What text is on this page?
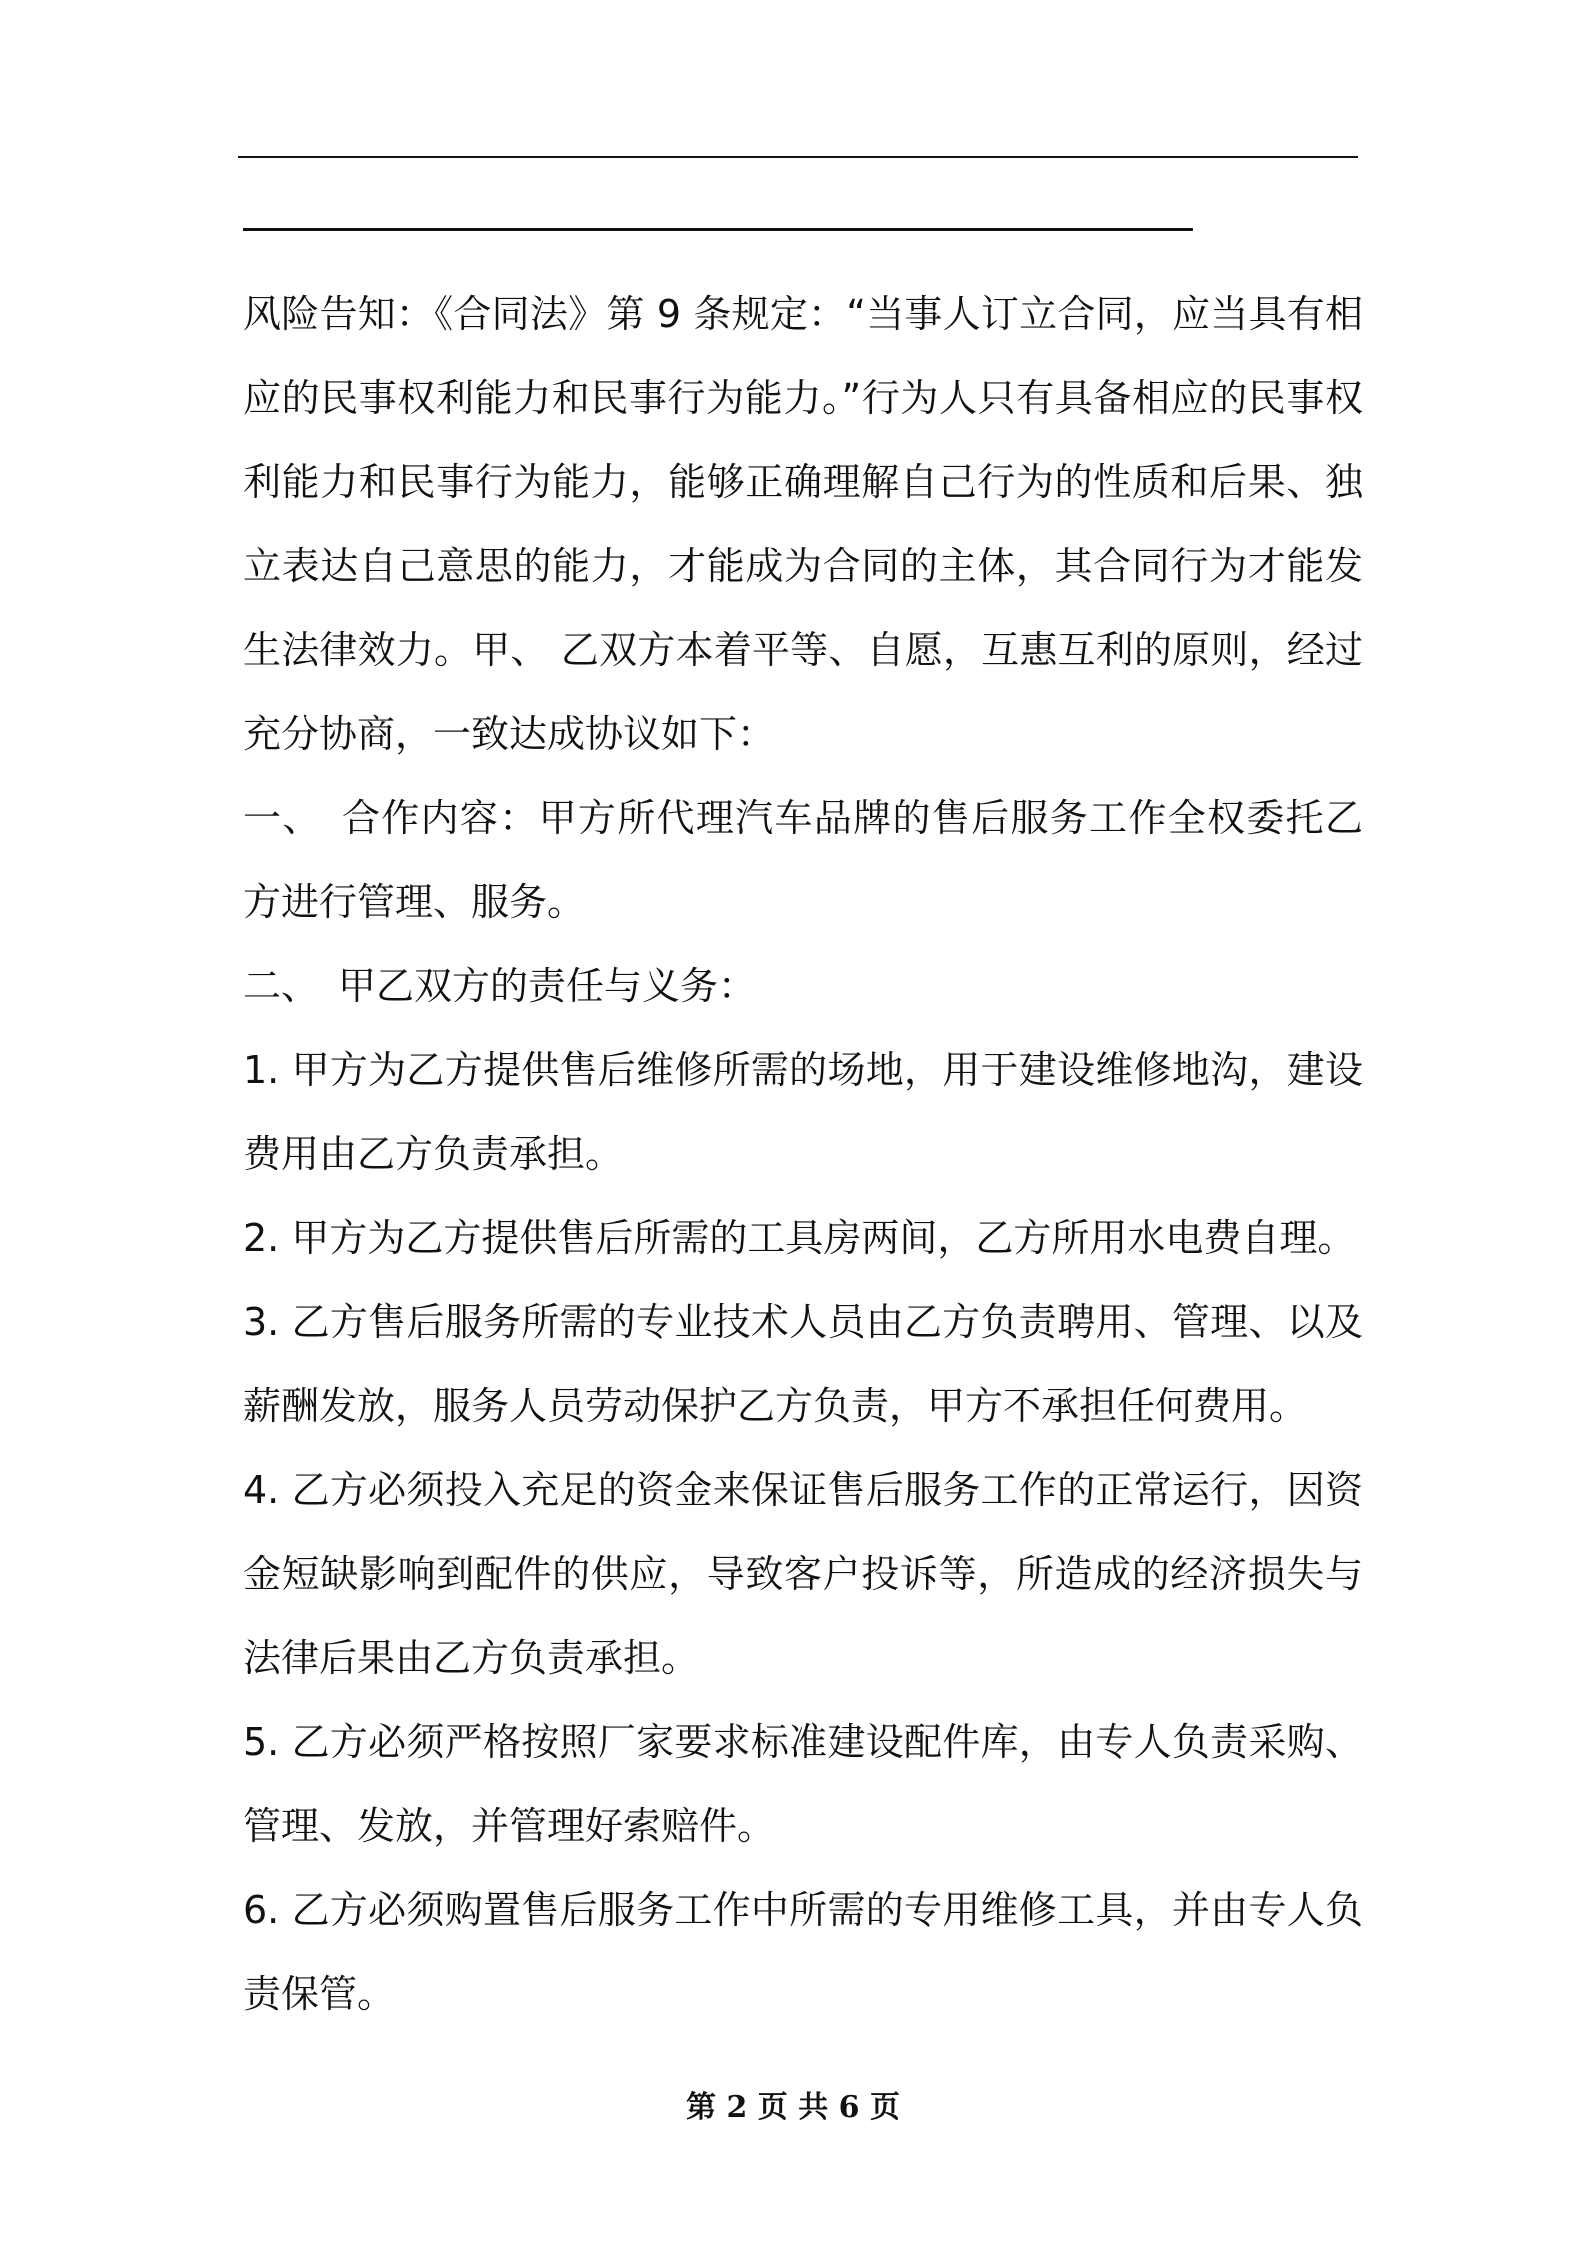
风险告知：《合同法》第 9 条规定：“当事人订立合同，应当具有相应的民事权利能力和民事行为能力。”行为人只有具备相应的民事权利能力和民事行为能力，能够正确理解自己行为的性质和后果、独立表达自己意思的能力，才能成为合同的主体，其合同行为才能发生法律效力。甲、 乙双方本着平等、自愿，互惠互利的原则，经过充分协商，一致达成协议如下：

一、　合作内容：甲方所代理汽车品牌的售后服务工作全权委托乙方进行管理、服务。

二、　甲乙双方的责任与义务：

1. 甲方为乙方提供售后维修所需的场地，用于建设维修地沟，建设费用由乙方负责承担。

2. 甲方为乙方提供售后所需的工具房两间，乙方所用水电费自理。

3. 乙方售后服务所需的专业技术人员由乙方负责聘用、管理、以及薪酬发放，服务人员劳动保护乙方负责，甲方不承担任何费用。

4. 乙方必须投入充足的资金来保证售后服务工作的正常运行，因资金短缺影响到配件的供应，导致客户投诉等，所造成的经济损失与法律后果由乙方负责承担。

5. 乙方必须严格按照厂家要求标准建设配件库，由专人负责采购、管理、发放，并管理好索赔件。

6. 乙方必须购置售后服务工作中所需的专用维修工具，并由专人负责保管。

第 2 页 共 6 页
